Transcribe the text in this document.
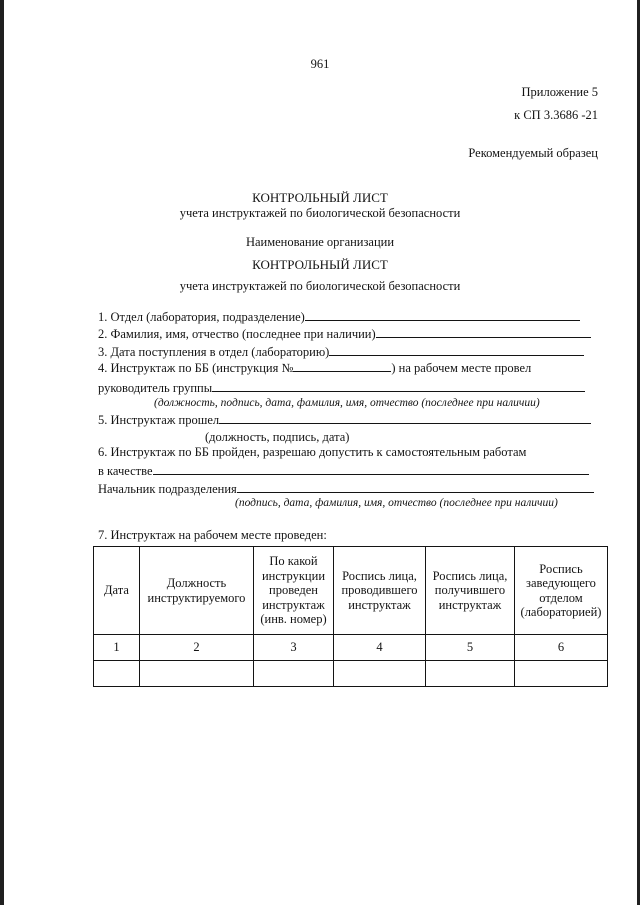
961
Приложение 5
к СП 3.3686 -21
Рекомендуемый образец
КОНТРОЛЬНЫЙ ЛИСТ
учета инструктажей по биологической безопасности
Наименование организации
КОНТРОЛЬНЫЙ ЛИСТ
учета инструктажей по биологической безопасности
1. Отдел (лаборатория, подразделение)
2. Фамилия, имя, отчество (последнее при наличии)
3. Дата поступления в отдел (лабораторию)
4. Инструктаж по ББ (инструкция №	) на рабочем месте провел
руководитель группы
(должность, подпись, дата, фамилия, имя, отчество (последнее при наличии)
5. Инструктаж прошел
(должность, подпись, дата)
6. Инструктаж по ББ пройден, разрешаю допустить к самостоятельным работам
в качестве
Начальник подразделения
(подпись, дата, фамилия, имя, отчество (последнее при наличии)
7. Инструктаж на рабочем месте проведен:
Дата	Должность инструктируемого	По какой инструкции проведен инструктаж (инв. номер)	Роспись лица, проводившего инструктаж	Роспись лица, получившего инструктаж	Роспись заведующего отделом (лабораторией)
1	2	3	4	5	6
